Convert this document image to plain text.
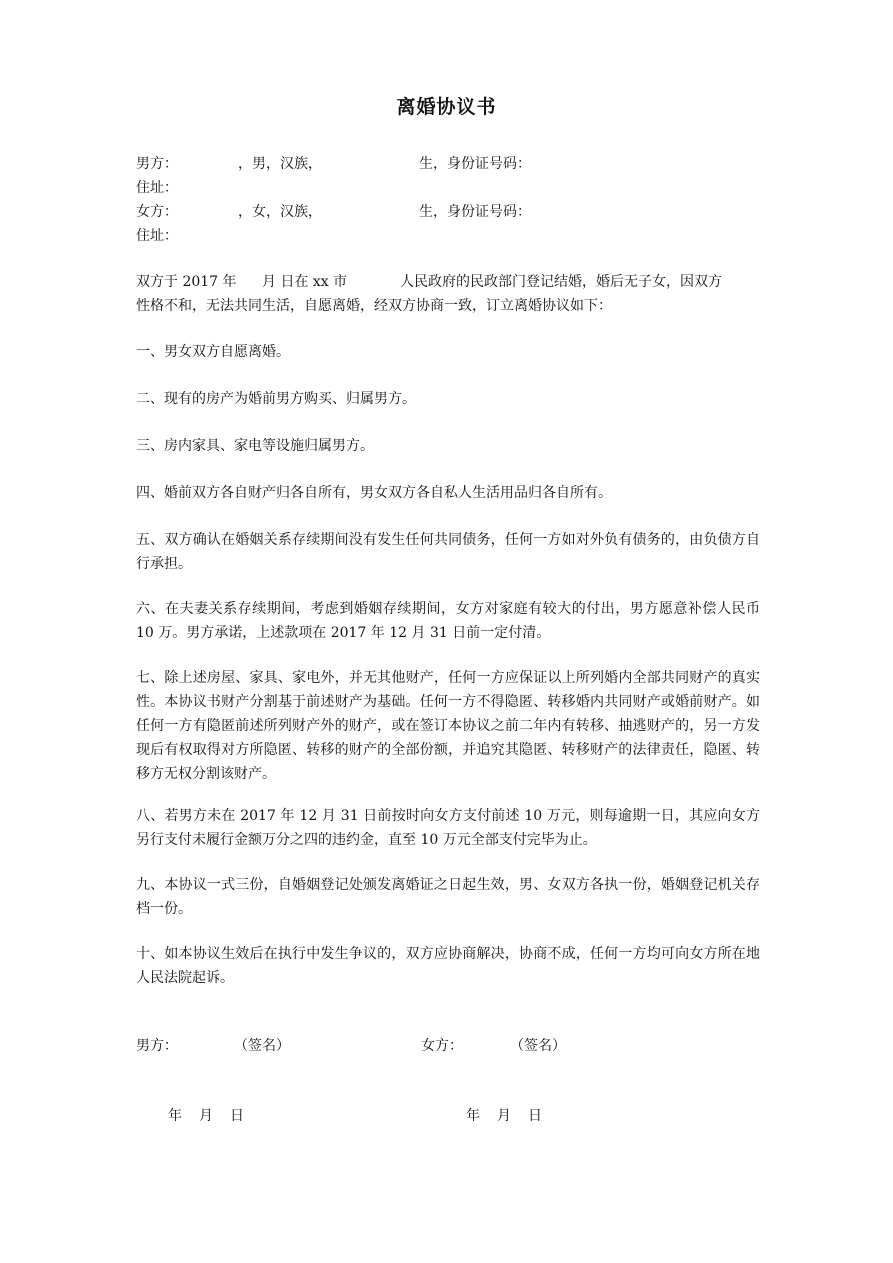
离婚协议书
男方：	，男，汉族，	生，身份证号码：
住址：
女方：	，女，汉族，	生，身份证号码：
住址：
双方于 2017 年 月 日在 xx 市	人民政府的民政部门登记结婚，婚后无子女，因双方
性格不和，无法共同生活，自愿离婚，经双方协商一致，订立离婚协议如下：
一、男女双方自愿离婚。
二、现有的房产为婚前男方购买、归属男方。
三、房内家具、家电等设施归属男方。
四、婚前双方各自财产归各自所有，男女双方各自私人生活用品归各自所有。
五、双方确认在婚姻关系存续期间没有发生任何共同债务，任何一方如对外负有债务的，由负债方自行承担。
六、在夫妻关系存续期间，考虑到婚姻存续期间，女方对家庭有较大的付出，男方愿意补偿人民币 10 万。男方承诺，上述款项在 2017 年 12 月 31 日前一定付清。
七、除上述房屋、家具、家电外，并无其他财产，任何一方应保证以上所列婚内全部共同财产的真实性。本协议书财产分割基于前述财产为基础。任何一方不得隐匿、转移婚内共同财产或婚前财产。如任何一方有隐匿前述所列财产外的财产，或在签订本协议之前二年内有转移、抽逃财产的，另一方发现后有权取得对方所隐匿、转移的财产的全部份额，并追究其隐匿、转移财产的法律责任，隐匿、转移方无权分割该财产。
八、若男方未在 2017 年 12 月 31 日前按时向女方支付前述 10 万元，则每逾期一日，其应向女方另行支付未履行金额万分之四的违约金，直至 10 万元全部支付完毕为止。
九、本协议一式三份，自婚姻登记处颁发离婚证之日起生效，男、女双方各执一份，婚姻登记机关存档一份。
十、如本协议生效后在执行中发生争议的，双方应协商解决，协商不成，任何一方均可向女方所在地人民法院起诉。
男方：	（签名）	女方：	（签名）
年 月 日	年 月 日
